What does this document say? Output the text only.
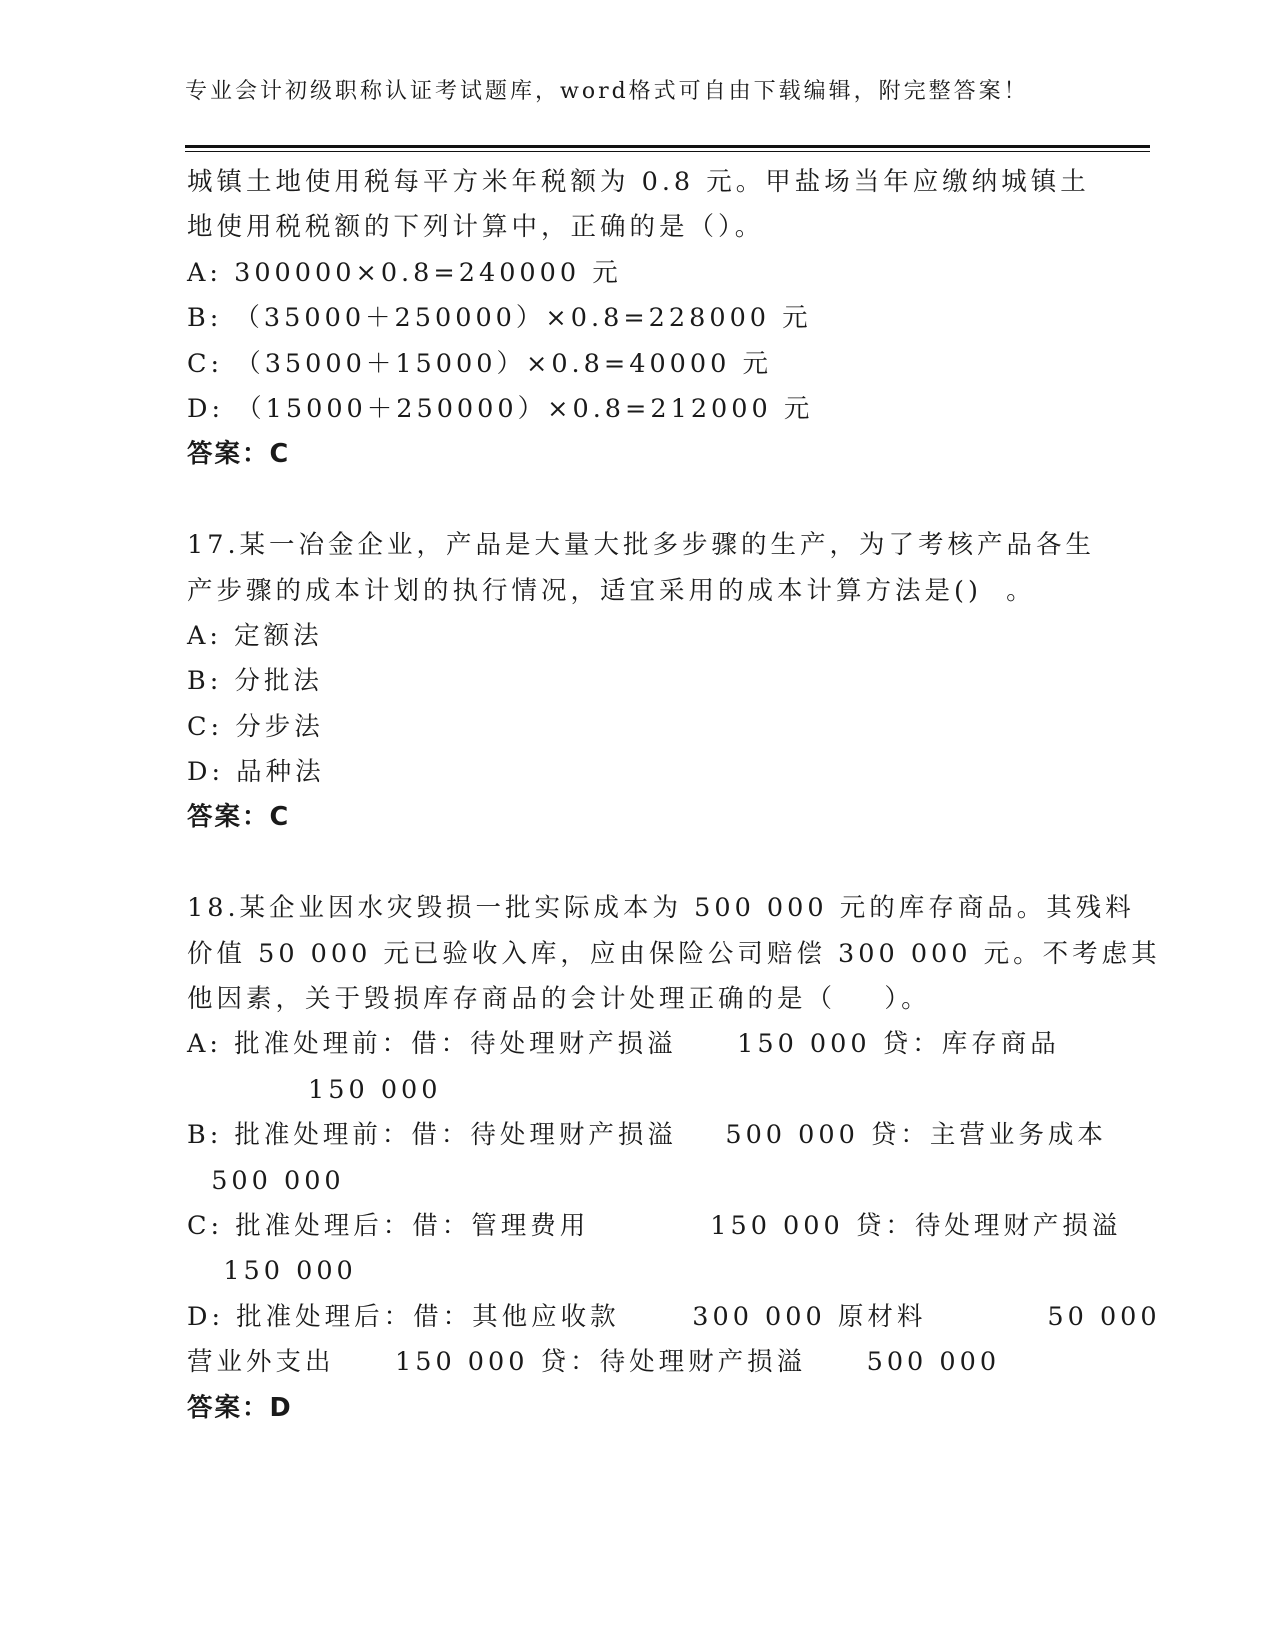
专业会计初级职称认证考试题库，word格式可自由下载编辑，附完整答案！
城镇土地使用税每平方米年税额为 0.8 元。甲盐场当年应缴纳城镇土
地使用税税额的下列计算中，正确的是（）。
A: 300000×0.8=240000 元
B: （35000＋250000）×0.8=228000 元
C: （35000＋15000）×0.8=40000 元
D: （15000＋250000）×0.8=212000 元
答案：C
17.某一冶金企业，产品是大量大批多步骤的生产，为了考核产品各生
产步骤的成本计划的执行情况，适宜采用的成本计算方法是()  。
A: 定额法
B: 分批法
C: 分步法
D: 品种法
答案：C
18.某企业因水灾毁损一批实际成本为 500 000 元的库存商品。其残料
价值 50 000 元已验收入库，应由保险公司赔偿 300 000 元。不考虑其
他因素，关于毁损库存商品的会计处理正确的是（    ）。
A: 批准处理前：借：待处理财产损溢     150 000 贷：库存商品
150 000
B: 批准处理前：借：待处理财产损溢    500 000 贷：主营业务成本
500 000
C: 批准处理后：借：管理费用          150 000 贷：待处理财产损溢
150 000
D: 批准处理后：借：其他应收款      300 000 原材料          50 000
营业外支出     150 000 贷：待处理财产损溢     500 000
答案：D
